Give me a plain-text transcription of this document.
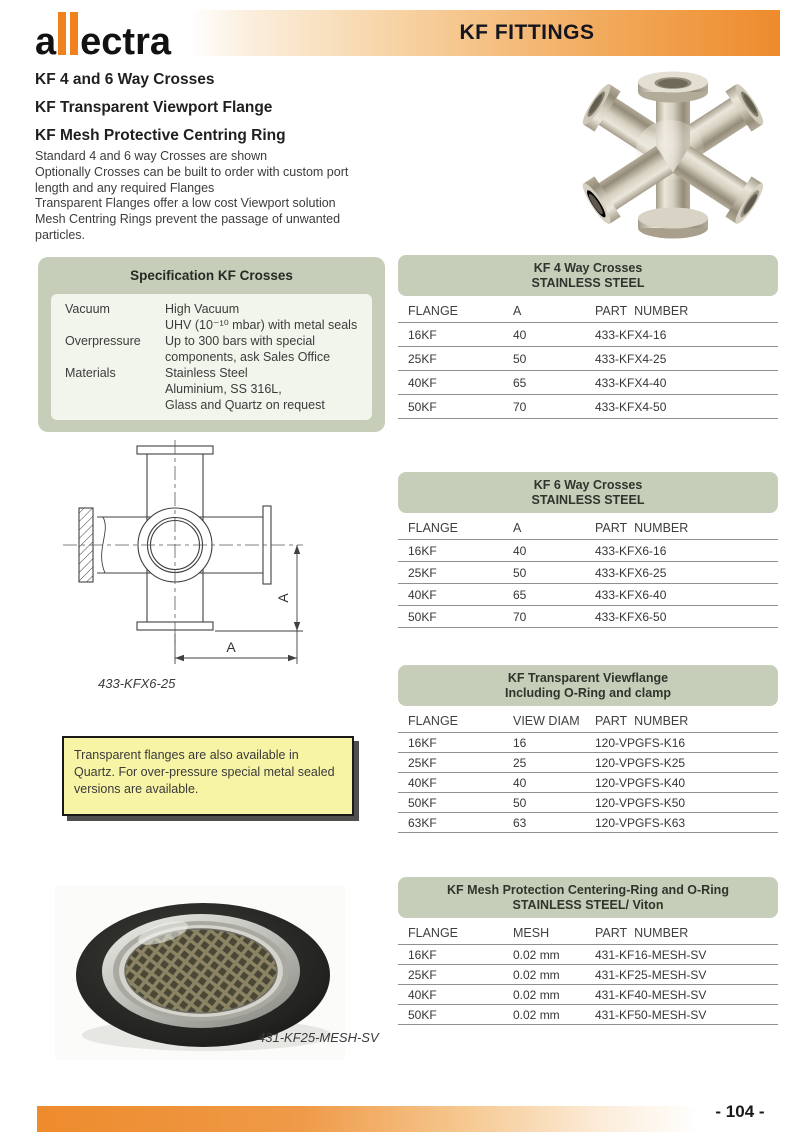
KF FITTINGS
a ectra
KF 4 and 6 Way Crosses
KF Transparent Viewport Flange
KF Mesh Protective Centring Ring
Standard 4 and 6 way Crosses are shown
Optionally Crosses can be built to order with custom port
length and any required Flanges
Transparent Flanges offer a low cost Viewport solution
Mesh Centring Rings prevent the passage of unwanted
particles.
Specification KF Crosses
Vacuum	High Vacuum
UHV (10⁻¹⁰ mbar) with metal seals
Overpressure	Up to 300 bars with special
components, ask Sales Office
Materials	Stainless Steel
Aluminium, SS 316L,
Glass and Quartz on request
KF 4 Way Crosses
STAINLESS STEEL
FLANGE	A	PART  NUMBER
16KF	40	433-KFX4-16
25KF	50	433-KFX4-25
40KF	65	433-KFX4-40
50KF	70	433-KFX4-50
KF 6 Way Crosses
STAINLESS STEEL
FLANGE	A	PART  NUMBER
16KF	40	433-KFX6-16
25KF	50	433-KFX6-25
40KF	65	433-KFX6-40
50KF	70	433-KFX6-50
A
A
433-KFX6-25	KF Transparent Viewflange
Including O-Ring and clamp
FLANGE	VIEW DIAM	PART  NUMBER
16KF	16	120-VPGFS-K16
25KF	25	120-VPGFS-K25
40KF	40	120-VPGFS-K40
50KF	50	120-VPGFS-K50
63KF	63	120-VPGFS-K63
Transparent flanges are also available in
Quartz. For over-pressure special metal sealed
versions are available.
431-KF25-MESH-SV
KF Mesh Protection Centering-Ring and O-Ring
STAINLESS STEEL/ Viton
FLANGE	MESH	PART  NUMBER
16KF	0.02 mm	431-KF16-MESH-SV
25KF	0.02 mm	431-KF25-MESH-SV
40KF	0.02 mm	431-KF40-MESH-SV
50KF	0.02 mm	431-KF50-MESH-SV
- 104 -
